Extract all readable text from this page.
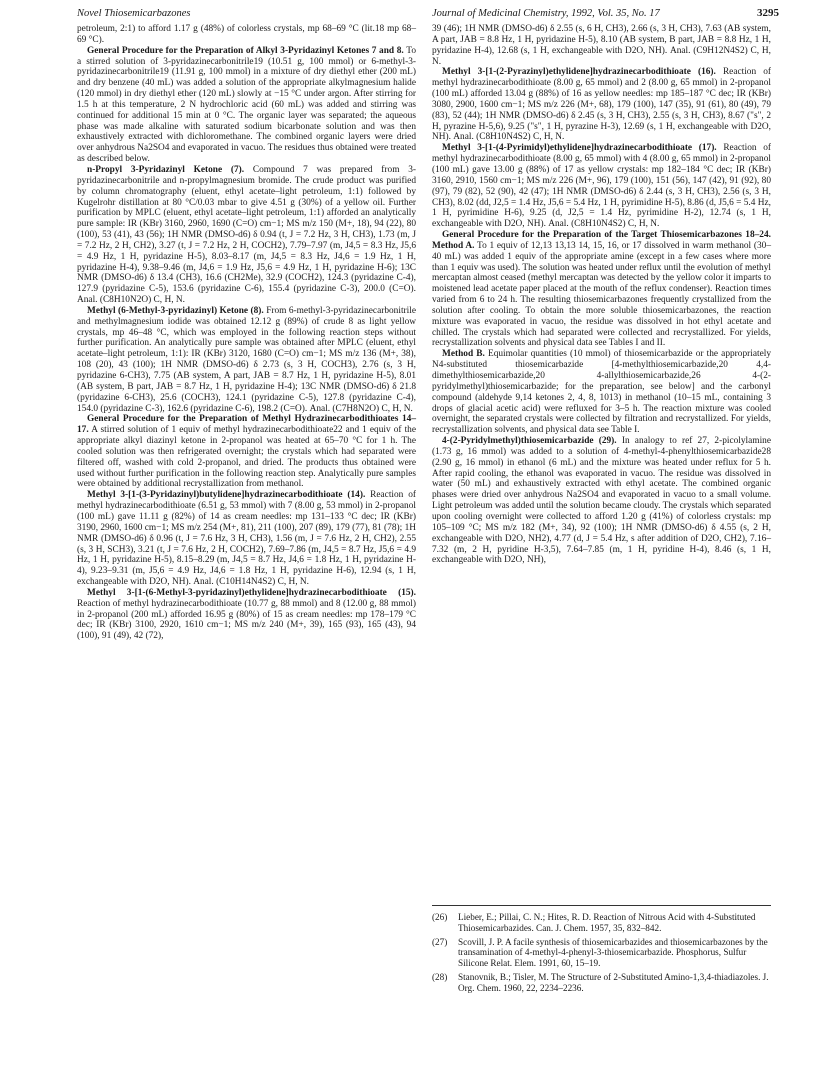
Novel Thiosemicarbazones	Journal of Medicinal Chemistry, 1992, Vol. 35, No. 17	3295

petroleum, 2:1) to afford 1.17 g (48%) of colorless crystals, mp 68–69 °C (lit.18 mp 68–69 °C).

General Procedure for the Preparation of Alkyl 3-Pyridazinyl Ketones 7 and 8. To a stirred solution of 3-pyridazinecarbonitrile19 (10.51 g, 100 mmol) or 6-methyl-3-pyridazinecarbonitrile19 (11.91 g, 100 mmol) in a mixture of dry diethyl ether (200 mL) and dry benzene (40 mL) was added a solution of the appropriate alkylmagnesium halide (120 mmol) in dry diethyl ether (120 mL) slowly at −15 °C under argon. After stirring for 1.5 h at this temperature, 2 N hydrochloric acid (60 mL) was added and stirring was continued for additional 15 min at 0 °C. The organic layer was separated; the aqueous phase was made alkaline with saturated sodium bicarbonate solution and was then exhaustively extracted with dichloromethane. The combined organic layers were dried over anhydrous Na2SO4 and evaporated in vacuo. The residues thus obtained were treated as described below.

n-Propyl 3-Pyridazinyl Ketone (7). Compound 7 was prepared from 3-pyridazinecarbonitrile and n-propylmagnesium bromide. The crude product was purified by column chromatography (eluent, ethyl acetate–light petroleum, 1:1) followed by Kugelrohr distillation at 80 °C/0.03 mbar to give 4.51 g (30%) of a yellow oil. Further purification by MPLC (eluent, ethyl acetate–light petroleum, 1:1) afforded an analytically pure sample: IR (KBr) 3160, 2960, 1690 (C=O) cm−1; MS m/z 150 (M+, 18), 94 (22), 80 (100), 53 (41), 43 (56); 1H NMR (DMSO-d6) δ 0.94 (t, J = 7.2 Hz, 3 H, CH3), 1.73 (m, J = 7.2 Hz, 2 H, CH2), 3.27 (t, J = 7.2 Hz, 2 H, COCH2), 7.79–7.97 (m, J4,5 = 8.3 Hz, J5,6 = 4.9 Hz, 1 H, pyridazine H-5), 8.03–8.17 (m, J4,5 = 8.3 Hz, J4,6 = 1.9 Hz, 1 H, pyridazine H-4), 9.38–9.46 (m, J4,6 = 1.9 Hz, J5,6 = 4.9 Hz, 1 H, pyridazine H-6); 13C NMR (DMSO-d6) δ 13.4 (CH3), 16.6 (CH2Me), 32.9 (COCH2), 124.3 (pyridazine C-4), 127.9 (pyridazine C-5), 153.6 (pyridazine C-6), 155.4 (pyridazine C-3), 200.0 (C=O). Anal. (C8H10N2O) C, H, N.

Methyl (6-Methyl-3-pyridazinyl) Ketone (8). From 6-methyl-3-pyridazinecarbonitrile and methylmagnesium iodide was obtained 12.12 g (89%) of crude 8 as light yellow crystals, mp 46–48 °C, which was employed in the following reaction steps without further purification. An analytically pure sample was obtained after MPLC (eluent, ethyl acetate–light petroleum, 1:1): IR (KBr) 3120, 1680 (C=O) cm−1; MS m/z 136 (M+, 38), 108 (20), 43 (100); 1H NMR (DMSO-d6) δ 2.73 (s, 3 H, COCH3), 2.76 (s, 3 H, pyridazine 6-CH3), 7.75 (AB system, A part, JAB = 8.7 Hz, 1 H, pyridazine H-5), 8.01 (AB system, B part, JAB = 8.7 Hz, 1 H, pyridazine H-4); 13C NMR (DMSO-d6) δ 21.8 (pyridazine 6-CH3), 25.6 (COCH3), 124.1 (pyridazine C-5), 127.8 (pyridazine C-4), 154.0 (pyridazine C-3), 162.6 (pyridazine C-6), 198.2 (C=O). Anal. (C7H8N2O) C, H, N.

General Procedure for the Preparation of Methyl Hydrazinecarbodithioates 14–17. A stirred solution of 1 equiv of methyl hydrazinecarbodithioate22 and 1 equiv of the appropriate alkyl diazinyl ketone in 2-propanol was heated at 65–70 °C for 1 h. The cooled solution was then refrigerated overnight; the crystals which had separated were filtered off, washed with cold 2-propanol, and dried. The products thus obtained were used without further purification in the following reaction step. Analytically pure samples were obtained by additional recrystallization from methanol.

Methyl 3-[1-(3-Pyridazinyl)butylidene]hydrazinecarbodithioate (14). Reaction of methyl hydrazinecarbodithioate (6.51 g, 53 mmol) with 7 (8.00 g, 53 mmol) in 2-propanol (100 mL) gave 11.11 g (82%) of 14 as cream needles: mp 131–133 °C dec; IR (KBr) 3190, 2960, 1600 cm−1; MS m/z 254 (M+, 81), 211 (100), 207 (89), 179 (77), 81 (78); 1H NMR (DMSO-d6) δ 0.96 (t, J = 7.6 Hz, 3 H, CH3), 1.56 (m, J = 7.6 Hz, 2 H, CH2), 2.55 (s, 3 H, SCH3), 3.21 (t, J = 7.6 Hz, 2 H, COCH2), 7.69–7.86 (m, J4,5 = 8.7 Hz, J5,6 = 4.9 Hz, 1 H, pyridazine H-5), 8.15–8.29 (m, J4,5 = 8.7 Hz, J4,6 = 1.8 Hz, 1 H, pyridazine H-4), 9.23–9.31 (m, J5,6 = 4.9 Hz, J4,6 = 1.8 Hz, 1 H, pyridazine H-6), 12.94 (s, 1 H, exchangeable with D2O, NH). Anal. (C10H14N4S2) C, H, N.

Methyl 3-[1-(6-Methyl-3-pyridazinyl)ethylidene]hydrazinecarbodithioate (15). Reaction of methyl hydrazinecarbodithioate (10.77 g, 88 mmol) and 8 (12.00 g, 88 mmol) in 2-propanol (200 mL) afforded 16.95 g (80%) of 15 as cream needles: mp 178–179 °C dec; IR (KBr) 3100, 2920, 1610 cm−1; MS m/z 240 (M+, 39), 165 (93), 165 (43), 94 (100), 91 (49), 42 (72),

39 (46); 1H NMR (DMSO-d6) δ 2.55 (s, 6 H, CH3), 2.66 (s, 3 H, CH3), 7.63 (AB system, A part, JAB = 8.8 Hz, 1 H, pyridazine H-5), 8.10 (AB system, B part, JAB = 8.8 Hz, 1 H, pyridazine H-4), 12.68 (s, 1 H, exchangeable with D2O, NH). Anal. (C9H12N4S2) C, H, N.

Methyl 3-[1-(2-Pyrazinyl)ethylidene]hydrazinecarbodithioate (16). Reaction of methyl hydrazinecarbodithioate (8.00 g, 65 mmol) and 2 (8.00 g, 65 mmol) in 2-propanol (100 mL) afforded 13.04 g (88%) of 16 as yellow needles: mp 185–187 °C dec; IR (KBr) 3080, 2900, 1600 cm−1; MS m/z 226 (M+, 68), 179 (100), 147 (35), 91 (61), 80 (49), 79 (83), 52 (44); 1H NMR (DMSO-d6) δ 2.45 (s, 3 H, CH3), 2.55 (s, 3 H, CH3), 8.67 ("s", 2 H, pyrazine H-5,6), 9.25 ("s", 1 H, pyrazine H-3), 12.69 (s, 1 H, exchangeable with D2O, NH). Anal. (C8H10N4S2) C, H, N.

Methyl 3-[1-(4-Pyrimidyl)ethylidene]hydrazinecarbodithioate (17). Reaction of methyl hydrazinecarbodithioate (8.00 g, 65 mmol) with 4 (8.00 g, 65 mmol) in 2-propanol (100 mL) gave 13.00 g (88%) of 17 as yellow crystals: mp 182–184 °C dec; IR (KBr) 3160, 2910, 1560 cm−1; MS m/z 226 (M+, 96), 179 (100), 151 (56), 147 (42), 91 (92), 80 (97), 79 (82), 52 (90), 42 (47); 1H NMR (DMSO-d6) δ 2.44 (s, 3 H, CH3), 2.56 (s, 3 H, CH3), 8.02 (dd, J2,5 = 1.4 Hz, J5,6 = 5.4 Hz, 1 H, pyrimidine H-5), 8.86 (d, J5,6 = 5.4 Hz, 1 H, pyrimidine H-6), 9.25 (d, J2,5 = 1.4 Hz, pyrimidine H-2), 12.74 (s, 1 H, exchangeable with D2O, NH). Anal. (C8H10N4S2) C, H, N.

General Procedure for the Preparation of the Target Thiosemicarbazones 18–24. Method A. To 1 equiv of 12,13 13,13 14, 15, 16, or 17 dissolved in warm methanol (30–40 mL) was added 1 equiv of the appropriate amine (except in a few cases where more than 1 equiv was used). The solution was heated under reflux until the evolution of methyl mercaptan almost ceased (methyl mercaptan was detected by the yellow color it imparts to moistened lead acetate paper placed at the mouth of the reflux condenser). Reaction times varied from 6 to 24 h. The resulting thiosemicarbazones frequently crystallized from the solution after cooling. To obtain the more soluble thiosemicarbazones, the reaction mixture was evaporated in vacuo, the residue was dissolved in hot ethyl acetate and chilled. The crystals which had separated were collected and recrystallized. For yields, recrystallization solvents and physical data see Tables I and II.

Method B. Equimolar quantities (10 mmol) of thiosemicarbazide or the appropriately N4-substituted thiosemicarbazide [4-methylthiosemicarbazide,20 4,4-dimethylthiosemicarbazide,20 4-allylthiosemicarbazide,26 4-(2-pyridylmethyl)thiosemicarbazide; for the preparation, see below] and the carbonyl compound (aldehyde 9,14 ketones 2, 4, 8, 1013) in methanol (10–15 mL, containing 3 drops of glacial acetic acid) were refluxed for 3–5 h. The reaction mixture was cooled overnight, the separated crystals were collected by filtration and recrystallized. For yields, recrystallization solvents, and physical data see Table I.

4-(2-Pyridylmethyl)thiosemicarbazide (29). In analogy to ref 27, 2-picolylamine (1.73 g, 16 mmol) was added to a solution of 4-methyl-4-phenylthiosemicarbazide28 (2.90 g, 16 mmol) in ethanol (6 mL) and the mixture was heated under reflux for 5 h. After rapid cooling, the ethanol was evaporated in vacuo. The residue was dissolved in water (50 mL) and exhaustively extracted with ethyl acetate. The combined organic phases were dried over anhydrous Na2SO4 and evaporated in vacuo to a small volume. Light petroleum was added until the solution became cloudy. The crystals which separated upon cooling overnight were collected to afford 1.20 g (41%) of colorless crystals: mp 105–109 °C; MS m/z 182 (M+, 34), 92 (100); 1H NMR (DMSO-d6) δ 4.55 (s, 2 H, exchangeable with D2O, NH2), 4.77 (d, J = 5.4 Hz, s after addition of D2O, CH2), 7.16–7.32 (m, 2 H, pyridine H-3,5), 7.64–7.85 (m, 1 H, pyridine H-4), 8.46 (s, 1 H, exchangeable with D2O, NH),

(26)	Lieber, E.; Pillai, C. N.; Hites, R. D. Reaction of Nitrous Acid with 4-Substituted Thiosemicarbazides. Can. J. Chem. 1957, 35, 832–842.
(27)	Scovill, J. P. A facile synthesis of thiosemicarbazides and thiosemicarbazones by the transamination of 4-methyl-4-phenyl-3-thiosemicarbazide. Phosphorus, Sulfur Silicone Relat. Elem. 1991, 60, 15–19.
(28)	Stanovnik, B.; Tisler, M. The Structure of 2-Substituted Amino-1,3,4-thiadiazoles. J. Org. Chem. 1960, 22, 2234–2236.
